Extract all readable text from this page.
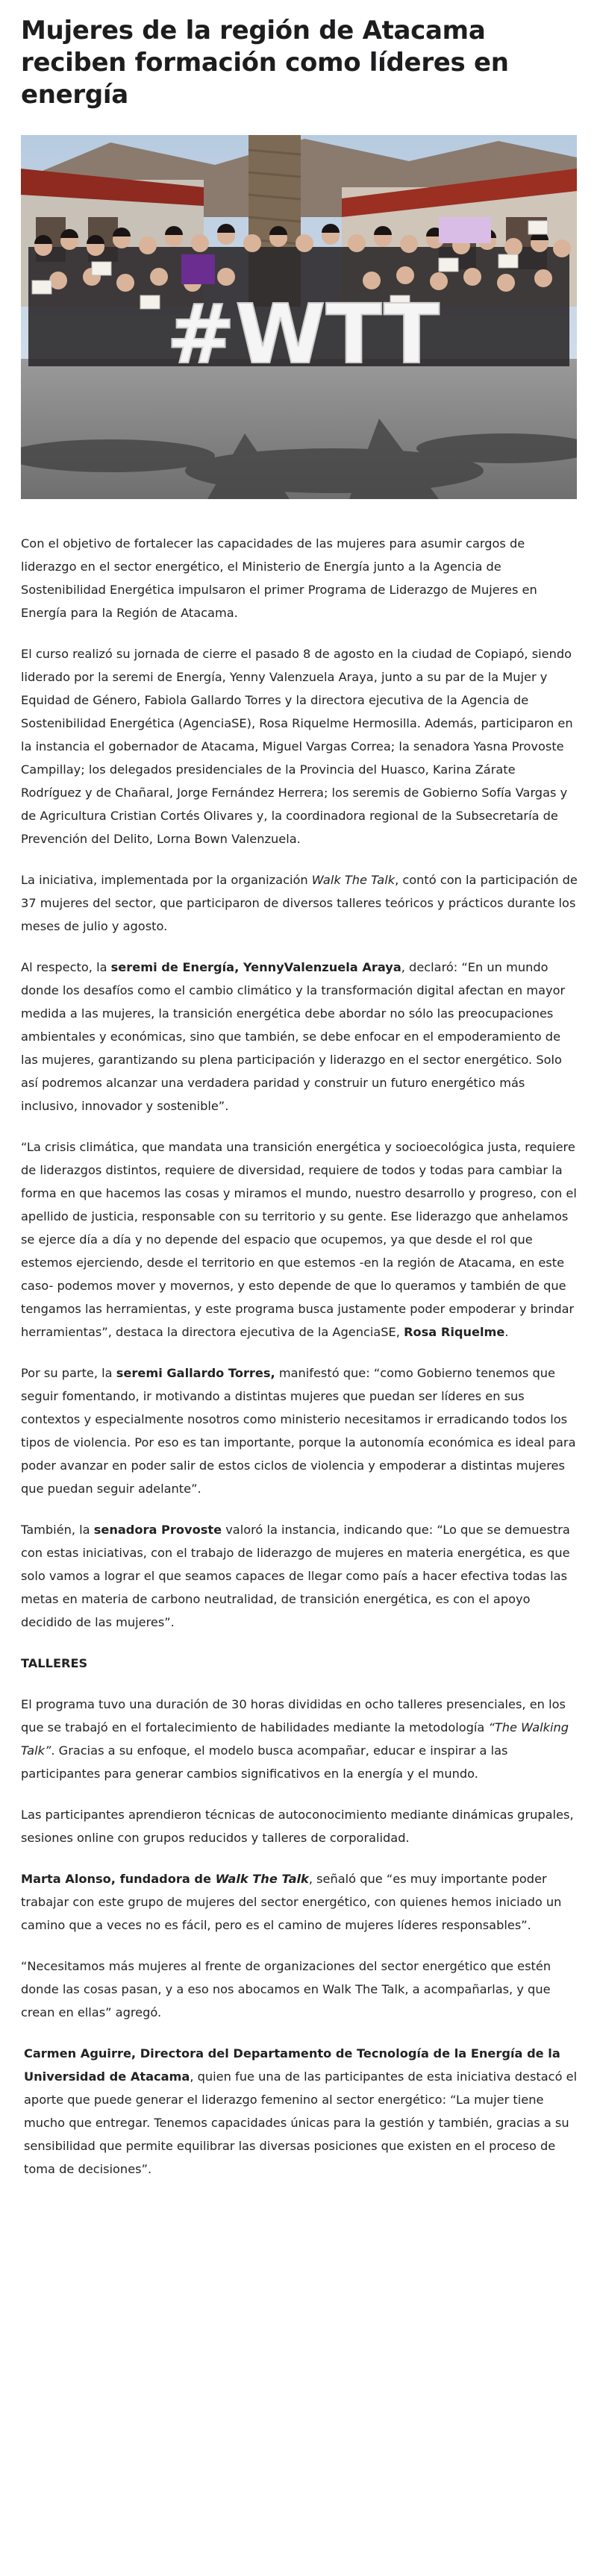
Mujeres de la región de Atacama reciben formación como líderes en energía
#WTT

Con el objetivo de fortalecer las capacidades de las mujeres para asumir cargos de liderazgo en el sector energético, el Ministerio de Energía junto a la Agencia de Sostenibilidad Energética impulsaron el primer Programa de Liderazgo de Mujeres en Energía para la Región de Atacama.

El curso realizó su jornada de cierre el pasado 8 de agosto en la ciudad de Copiapó, siendo liderado por la seremi de Energía, Yenny Valenzuela Araya, junto a su par de la Mujer y Equidad de Género, Fabiola Gallardo Torres y la directora ejecutiva de la Agencia de Sostenibilidad Energética (AgenciaSE), Rosa Riquelme Hermosilla. Además, participaron en la instancia el gobernador de Atacama, Miguel Vargas Correa; la senadora Yasna Provoste Campillay; los delegados presidenciales de la Provincia del Huasco, Karina Zárate Rodríguez y de Chañaral, Jorge Fernández Herrera; los seremis de Gobierno Sofía Vargas y de Agricultura Cristian Cortés Olivares y, la coordinadora regional de la Subsecretaría de Prevención del Delito, Lorna Bown Valenzuela.

La iniciativa, implementada por la organización Walk The Talk, contó con la participación de 37 mujeres del sector, que participaron de diversos talleres teóricos y prácticos durante los meses de julio y agosto.

Al respecto, la seremi de Energía, YennyValenzuela Araya, declaró: “En un mundo donde los desafíos como el cambio climático y la transformación digital afectan en mayor medida a las mujeres, la transición energética debe abordar no sólo las preocupaciones ambientales y económicas, sino que también, se debe enfocar en el empoderamiento de las mujeres, garantizando su plena participación y liderazgo en el sector energético. Solo así podremos alcanzar una verdadera paridad y construir un futuro energético más inclusivo, innovador y sostenible”.

“La crisis climática, que mandata una transición energética y socioecológica justa, requiere de liderazgos distintos, requiere de diversidad, requiere de todos y todas para cambiar la forma en que hacemos las cosas y miramos el mundo, nuestro desarrollo y progreso, con el apellido de justicia, responsable con su territorio y su gente. Ese liderazgo que anhelamos se ejerce día a día y no depende del espacio que ocupemos, ya que desde el rol que estemos ejerciendo, desde el territorio en que estemos -en la región de Atacama, en este caso- podemos mover y movernos, y esto depende de que lo queramos y también de que tengamos las herramientas, y este programa busca justamente poder empoderar y brindar herramientas”, destaca la directora ejecutiva de la AgenciaSE, Rosa Riquelme.

Por su parte, la seremi Gallardo Torres, manifestó que: “como Gobierno tenemos que seguir fomentando, ir motivando a distintas mujeres que puedan ser líderes en sus contextos y especialmente nosotros como ministerio necesitamos ir erradicando todos los tipos de violencia. Por eso es tan importante, porque la autonomía económica es ideal para poder avanzar en poder salir de estos ciclos de violencia y empoderar a distintas mujeres que puedan seguir adelante”.

También, la senadora Provoste valoró la instancia, indicando que: “Lo que se demuestra con estas iniciativas, con el trabajo de liderazgo de mujeres en materia energética, es que solo vamos a lograr el que seamos capaces de llegar como país a hacer efectiva todas las metas en materia de carbono neutralidad, de transición energética, es con el apoyo decidido de las mujeres”.

TALLERES

El programa tuvo una duración de 30 horas divididas en ocho talleres presenciales, en los que se trabajó en el fortalecimiento de habilidades mediante la metodología “The Walking Talk”. Gracias a su enfoque, el modelo busca acompañar, educar e inspirar a las participantes para generar cambios significativos en la energía y el mundo.

Las participantes aprendieron técnicas de autoconocimiento mediante dinámicas grupales, sesiones online con grupos reducidos y talleres de corporalidad.

Marta Alonso, fundadora de Walk The Talk, señaló que “es muy importante poder trabajar con este grupo de mujeres del sector energético, con quienes hemos iniciado un camino que a veces no es fácil, pero es el camino de mujeres líderes responsables”.

“Necesitamos más mujeres al frente de organizaciones del sector energético que estén donde las cosas pasan, y a eso nos abocamos en Walk The Talk, a acompañarlas, y que crean en ellas” agregó.

Carmen Aguirre, Directora del Departamento de Tecnología de la Energía de la Universidad de Atacama, quien fue una de las participantes de esta iniciativa destacó el aporte que puede generar el liderazgo femenino al sector energético: “La mujer tiene mucho que entregar. Tenemos capacidades únicas para la gestión y también, gracias a su sensibilidad que permite equilibrar las diversas posiciones que existen en el proceso de toma de decisiones”.
